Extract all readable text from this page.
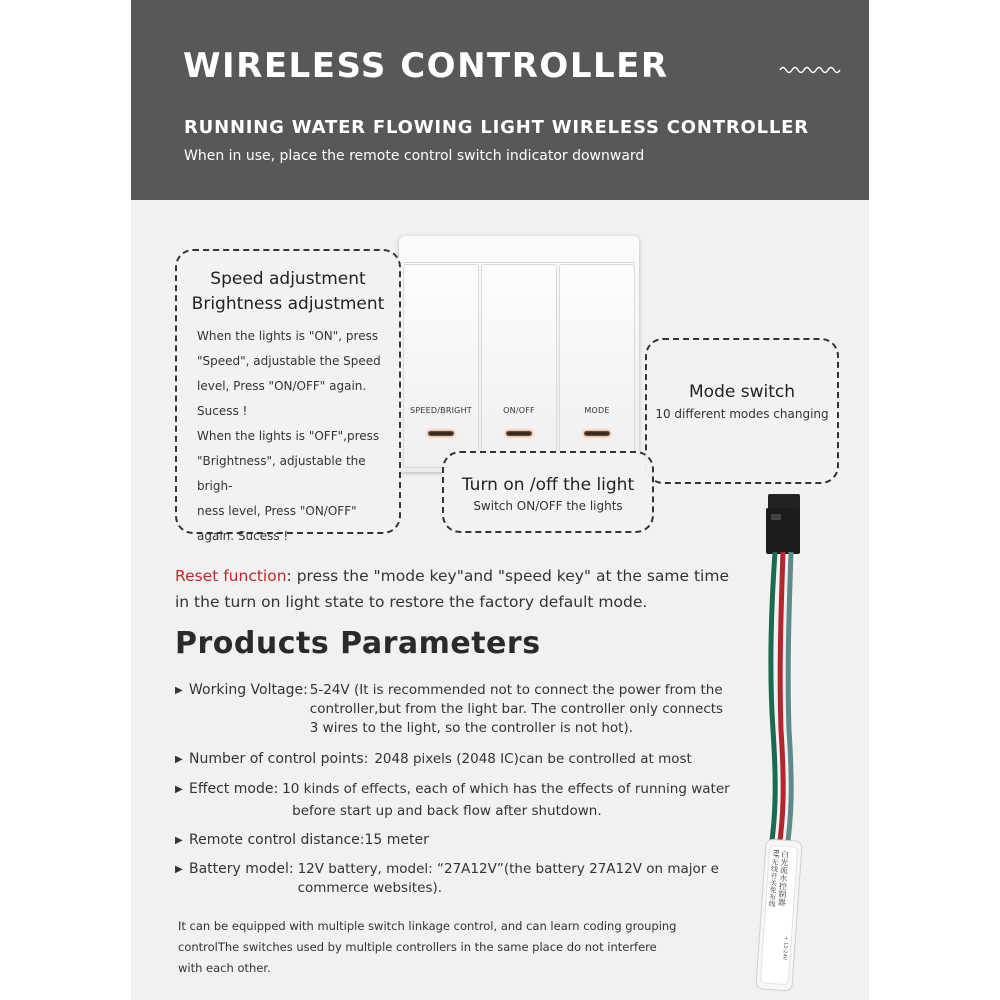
WIRELESS CONTROLLER
RUNNING WATER FLOWING LIGHT WIRELESS CONTROLLER
When in use, place the remote control switch indicator downward
SPEED/BRIGHT	ON/OFF	MODE
Speed adjustment
Brightness adjustment
When the lights is "ON", press
"Speed", adjustable the Speed
level, Press "ON/OFF" again.
Sucess !
When the lights is "OFF",press
"Brightness", adjustable the brigh-
ness level, Press "ON/OFF"
again. Sucess !
Mode switch
10 different modes changing
Turn on /off the light
Switch ON/OFF the lights
白光流水控制器
RF无线开关免布线
+ 12-24V
Reset function: press the "mode key"and "speed key" at the same time
in the turn on light state to restore the factory default mode.
Products Parameters
▶ Working Voltage: 5-24V (It is recommended not to connect the power from the
controller,but from the light bar. The controller only connects
3 wires to the light, so the controller is not hot).
▶ Number of control points: 2048 pixels (2048 IC)can be controlled at most
▶ Effect mode: 10 kinds of effects, each of which has the effects of running water
before start up and back flow after shutdown.
▶ Remote control distance: 15 meter
▶ Battery model: 12V battery, model: “27A12V”(the battery 27A12V on major e
commerce websites).
It can be equipped with multiple switch linkage control, and can learn coding grouping
controlThe switches used by multiple controllers in the same place do not interfere
with each other.
